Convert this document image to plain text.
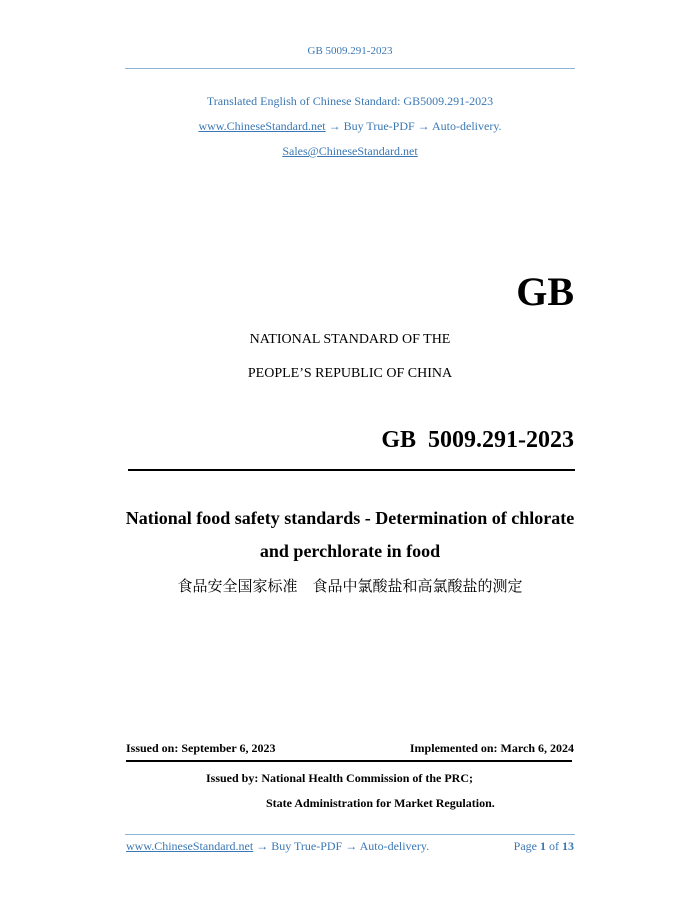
GB 5009.291-2023
Translated English of Chinese Standard: GB5009.291-2023
www.ChineseStandard.net → Buy True-PDF → Auto-delivery.
Sales@ChineseStandard.net
GB
NATIONAL STANDARD OF THE
PEOPLE’S REPUBLIC OF CHINA
GB  5009.291-2023
National food safety standards - Determination of chlorate
and perchlorate in food
食品安全国家标准　食品中氯酸盐和高氯酸盐的测定
Issued on: September 6, 2023	Implemented on: March 6, 2024
Issued by: National Health Commission of the PRC;
State Administration for Market Regulation.
www.ChineseStandard.net → Buy True-PDF → Auto-delivery.	Page 1 of 13
